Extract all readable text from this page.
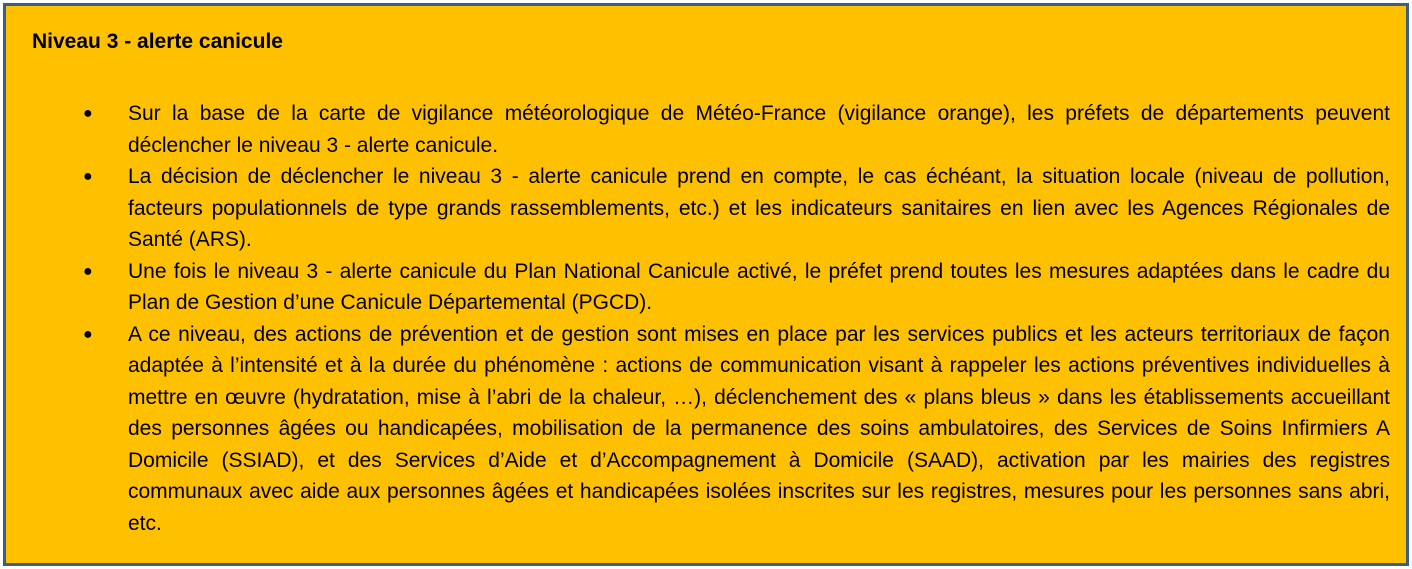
Niveau 3 - alerte canicule
● Sur la base de la carte de vigilance météorologique de Météo-France (vigilance orange), les préfets de départements peuvent déclencher le niveau 3 - alerte canicule.
● La décision de déclencher le niveau 3 - alerte canicule prend en compte, le cas échéant, la situation locale (niveau de pollution, facteurs populationnels de type grands rassemblements, etc.) et les indicateurs sanitaires en lien avec les Agences Régionales de Santé (ARS).
● Une fois le niveau 3 - alerte canicule du Plan National Canicule activé, le préfet prend toutes les mesures adaptées dans le cadre du Plan de Gestion d’une Canicule Départemental (PGCD).
● A ce niveau, des actions de prévention et de gestion sont mises en place par les services publics et les acteurs territoriaux de façon adaptée à l’intensité et à la durée du phénomène : actions de communication visant à rappeler les actions préventives individuelles à mettre en œuvre (hydratation, mise à l’abri de la chaleur, …), déclenchement des « plans bleus » dans les établissements accueillant des personnes âgées ou handicapées, mobilisation de la permanence des soins ambulatoires, des Services de Soins Infirmiers A Domicile (SSIAD), et des Services d’Aide et d’Accompagnement à Domicile (SAAD), activation par les mairies des registres communaux avec aide aux personnes âgées et handicapées isolées inscrites sur les registres, mesures pour les personnes sans abri, etc.
